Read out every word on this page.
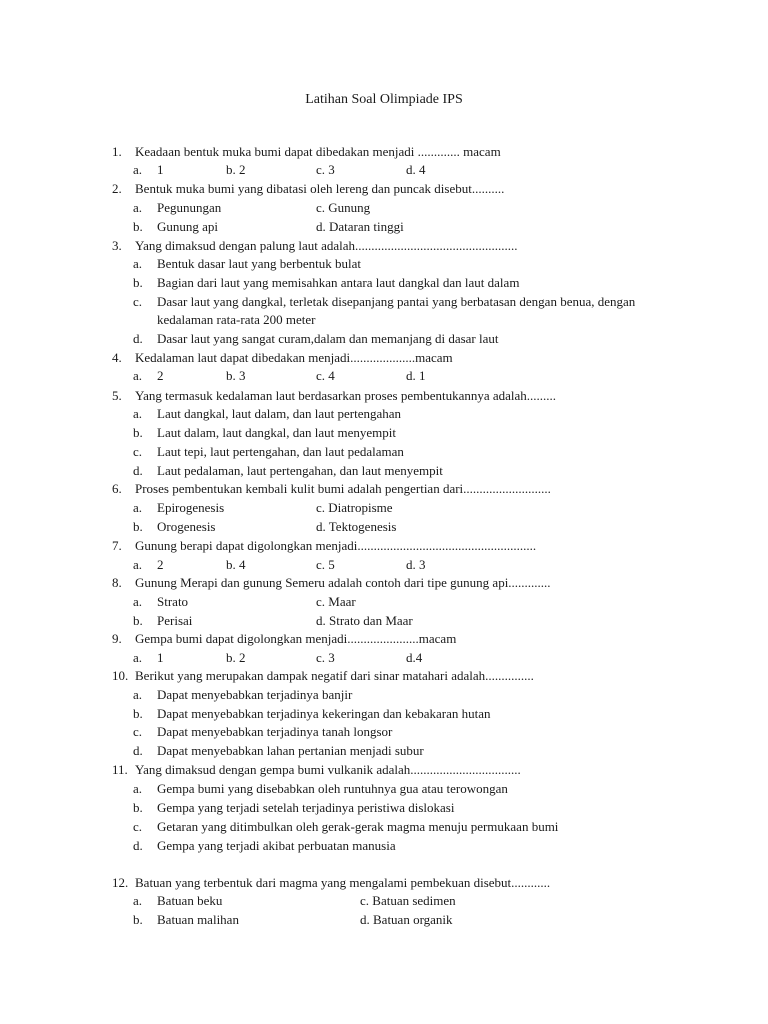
Latihan Soal Olimpiade IPS
1.	Keadaan bentuk muka bumi dapat dibedakan menjadi ............. macam
a. 1	b. 2	c. 3	d. 4
2.	Bentuk muka bumi yang dibatasi oleh lereng dan puncak disebut..........
a. Pegunungan	c. Gunung
b. Gunung api	d. Dataran tinggi
3.	Yang dimaksud dengan palung laut adalah..................................................
a. Bentuk dasar laut yang berbentuk bulat
b. Bagian dari laut yang memisahkan antara laut dangkal dan laut dalam
c. Dasar laut yang dangkal, terletak disepanjang pantai yang berbatasan dengan benua, dengan
kedalaman rata-rata 200 meter
d. Dasar laut yang sangat curam,dalam dan memanjang di dasar laut
4.	Kedalaman laut dapat dibedakan menjadi....................macam
a. 2	b. 3	c. 4	d. 1
5.	Yang termasuk kedalaman laut berdasarkan proses pembentukannya adalah.........
a. Laut dangkal, laut dalam, dan laut pertengahan
b. Laut dalam, laut dangkal, dan laut menyempit
c. Laut tepi, laut pertengahan, dan laut pedalaman
d. Laut pedalaman, laut pertengahan, dan laut menyempit
6.	Proses pembentukan kembali kulit bumi adalah pengertian dari...........................
a. Epirogenesis	c. Diatropisme
b. Orogenesis	d. Tektogenesis
7.	Gunung berapi dapat digolongkan menjadi.......................................................
a. 2	b. 4	c. 5	d. 3
8.	Gunung Merapi dan gunung Semeru adalah contoh dari tipe gunung api.............
a. Strato	c. Maar
b. Perisai	d. Strato dan Maar
9.	Gempa bumi dapat digolongkan menjadi......................macam
a. 1	b. 2	c. 3	d.4
10. Berikut yang merupakan dampak negatif dari sinar matahari adalah...............
a. Dapat menyebabkan terjadinya banjir
b. Dapat menyebabkan terjadinya kekeringan dan kebakaran hutan
c. Dapat menyebabkan terjadinya tanah longsor
d. Dapat menyebabkan lahan pertanian menjadi subur
11. Yang dimaksud dengan gempa bumi vulkanik adalah..................................
a. Gempa bumi yang disebabkan oleh runtuhnya gua atau terowongan
b. Gempa yang terjadi setelah terjadinya peristiwa dislokasi
c. Getaran yang ditimbulkan oleh gerak-gerak magma menuju permukaan bumi
d. Gempa yang terjadi akibat perbuatan manusia
12. Batuan yang terbentuk dari magma yang mengalami pembekuan disebut............
a. Batuan beku	c. Batuan sedimen
b. Batuan malihan	d. Batuan organik
